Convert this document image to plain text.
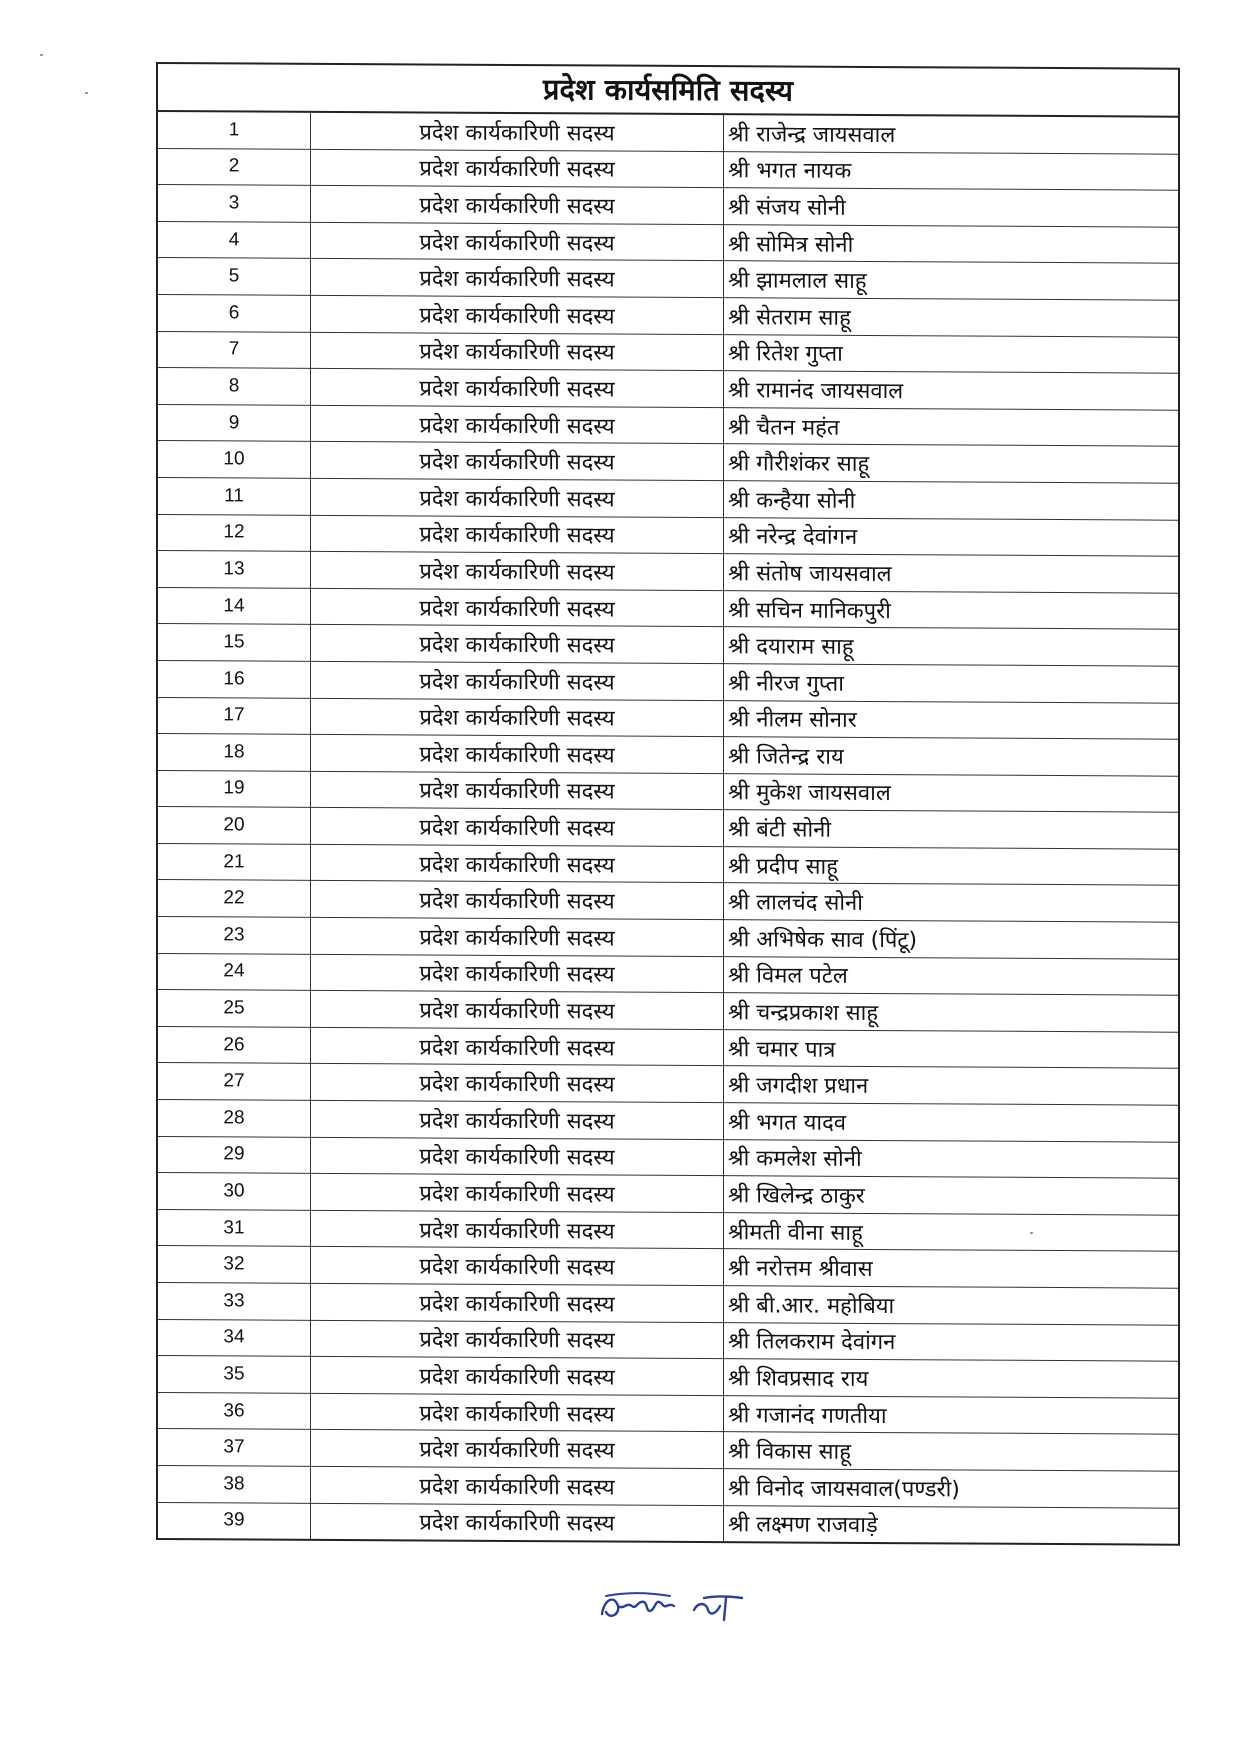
प्रदेश कार्यसमिति सदस्य
1	प्रदेश कार्यकारिणी सदस्य	श्री राजेन्द्र जायसवाल
2	प्रदेश कार्यकारिणी सदस्य	श्री भगत नायक
3	प्रदेश कार्यकारिणी सदस्य	श्री संजय सोनी
4	प्रदेश कार्यकारिणी सदस्य	श्री सोमित्र सोनी
5	प्रदेश कार्यकारिणी सदस्य	श्री झामलाल साहू
6	प्रदेश कार्यकारिणी सदस्य	श्री सेतराम साहू
7	प्रदेश कार्यकारिणी सदस्य	श्री रितेश गुप्ता
8	प्रदेश कार्यकारिणी सदस्य	श्री रामानंद जायसवाल
9	प्रदेश कार्यकारिणी सदस्य	श्री चैतन महंत
10	प्रदेश कार्यकारिणी सदस्य	श्री गौरीशंकर साहू
11	प्रदेश कार्यकारिणी सदस्य	श्री कन्हैया सोनी
12	प्रदेश कार्यकारिणी सदस्य	श्री नरेन्द्र देवांगन
13	प्रदेश कार्यकारिणी सदस्य	श्री संतोष जायसवाल
14	प्रदेश कार्यकारिणी सदस्य	श्री सचिन मानिकपुरी
15	प्रदेश कार्यकारिणी सदस्य	श्री दयाराम साहू
16	प्रदेश कार्यकारिणी सदस्य	श्री नीरज गुप्ता
17	प्रदेश कार्यकारिणी सदस्य	श्री नीलम सोनार
18	प्रदेश कार्यकारिणी सदस्य	श्री जितेन्द्र राय
19	प्रदेश कार्यकारिणी सदस्य	श्री मुकेश जायसवाल
20	प्रदेश कार्यकारिणी सदस्य	श्री बंटी सोनी
21	प्रदेश कार्यकारिणी सदस्य	श्री प्रदीप साहू
22	प्रदेश कार्यकारिणी सदस्य	श्री लालचंद सोनी
23	प्रदेश कार्यकारिणी सदस्य	श्री अभिषेक साव (पिंटू)
24	प्रदेश कार्यकारिणी सदस्य	श्री विमल पटेल
25	प्रदेश कार्यकारिणी सदस्य	श्री चन्द्रप्रकाश साहू
26	प्रदेश कार्यकारिणी सदस्य	श्री चमार पात्र
27	प्रदेश कार्यकारिणी सदस्य	श्री जगदीश प्रधान
28	प्रदेश कार्यकारिणी सदस्य	श्री भगत यादव
29	प्रदेश कार्यकारिणी सदस्य	श्री कमलेश सोनी
30	प्रदेश कार्यकारिणी सदस्य	श्री खिलेन्द्र ठाकुर
31	प्रदेश कार्यकारिणी सदस्य	श्रीमती वीना साहू
32	प्रदेश कार्यकारिणी सदस्य	श्री नरोत्तम श्रीवास
33	प्रदेश कार्यकारिणी सदस्य	श्री बी.आर. महोबिया
34	प्रदेश कार्यकारिणी सदस्य	श्री तिलकराम देवांगन
35	प्रदेश कार्यकारिणी सदस्य	श्री शिवप्रसाद राय
36	प्रदेश कार्यकारिणी सदस्य	श्री गजानंद गणतीया
37	प्रदेश कार्यकारिणी सदस्य	श्री विकास साहू
38	प्रदेश कार्यकारिणी सदस्य	श्री विनोद जायसवाल(पण्डरी)
39	प्रदेश कार्यकारिणी सदस्य	श्री लक्ष्मण राजवाड़े
